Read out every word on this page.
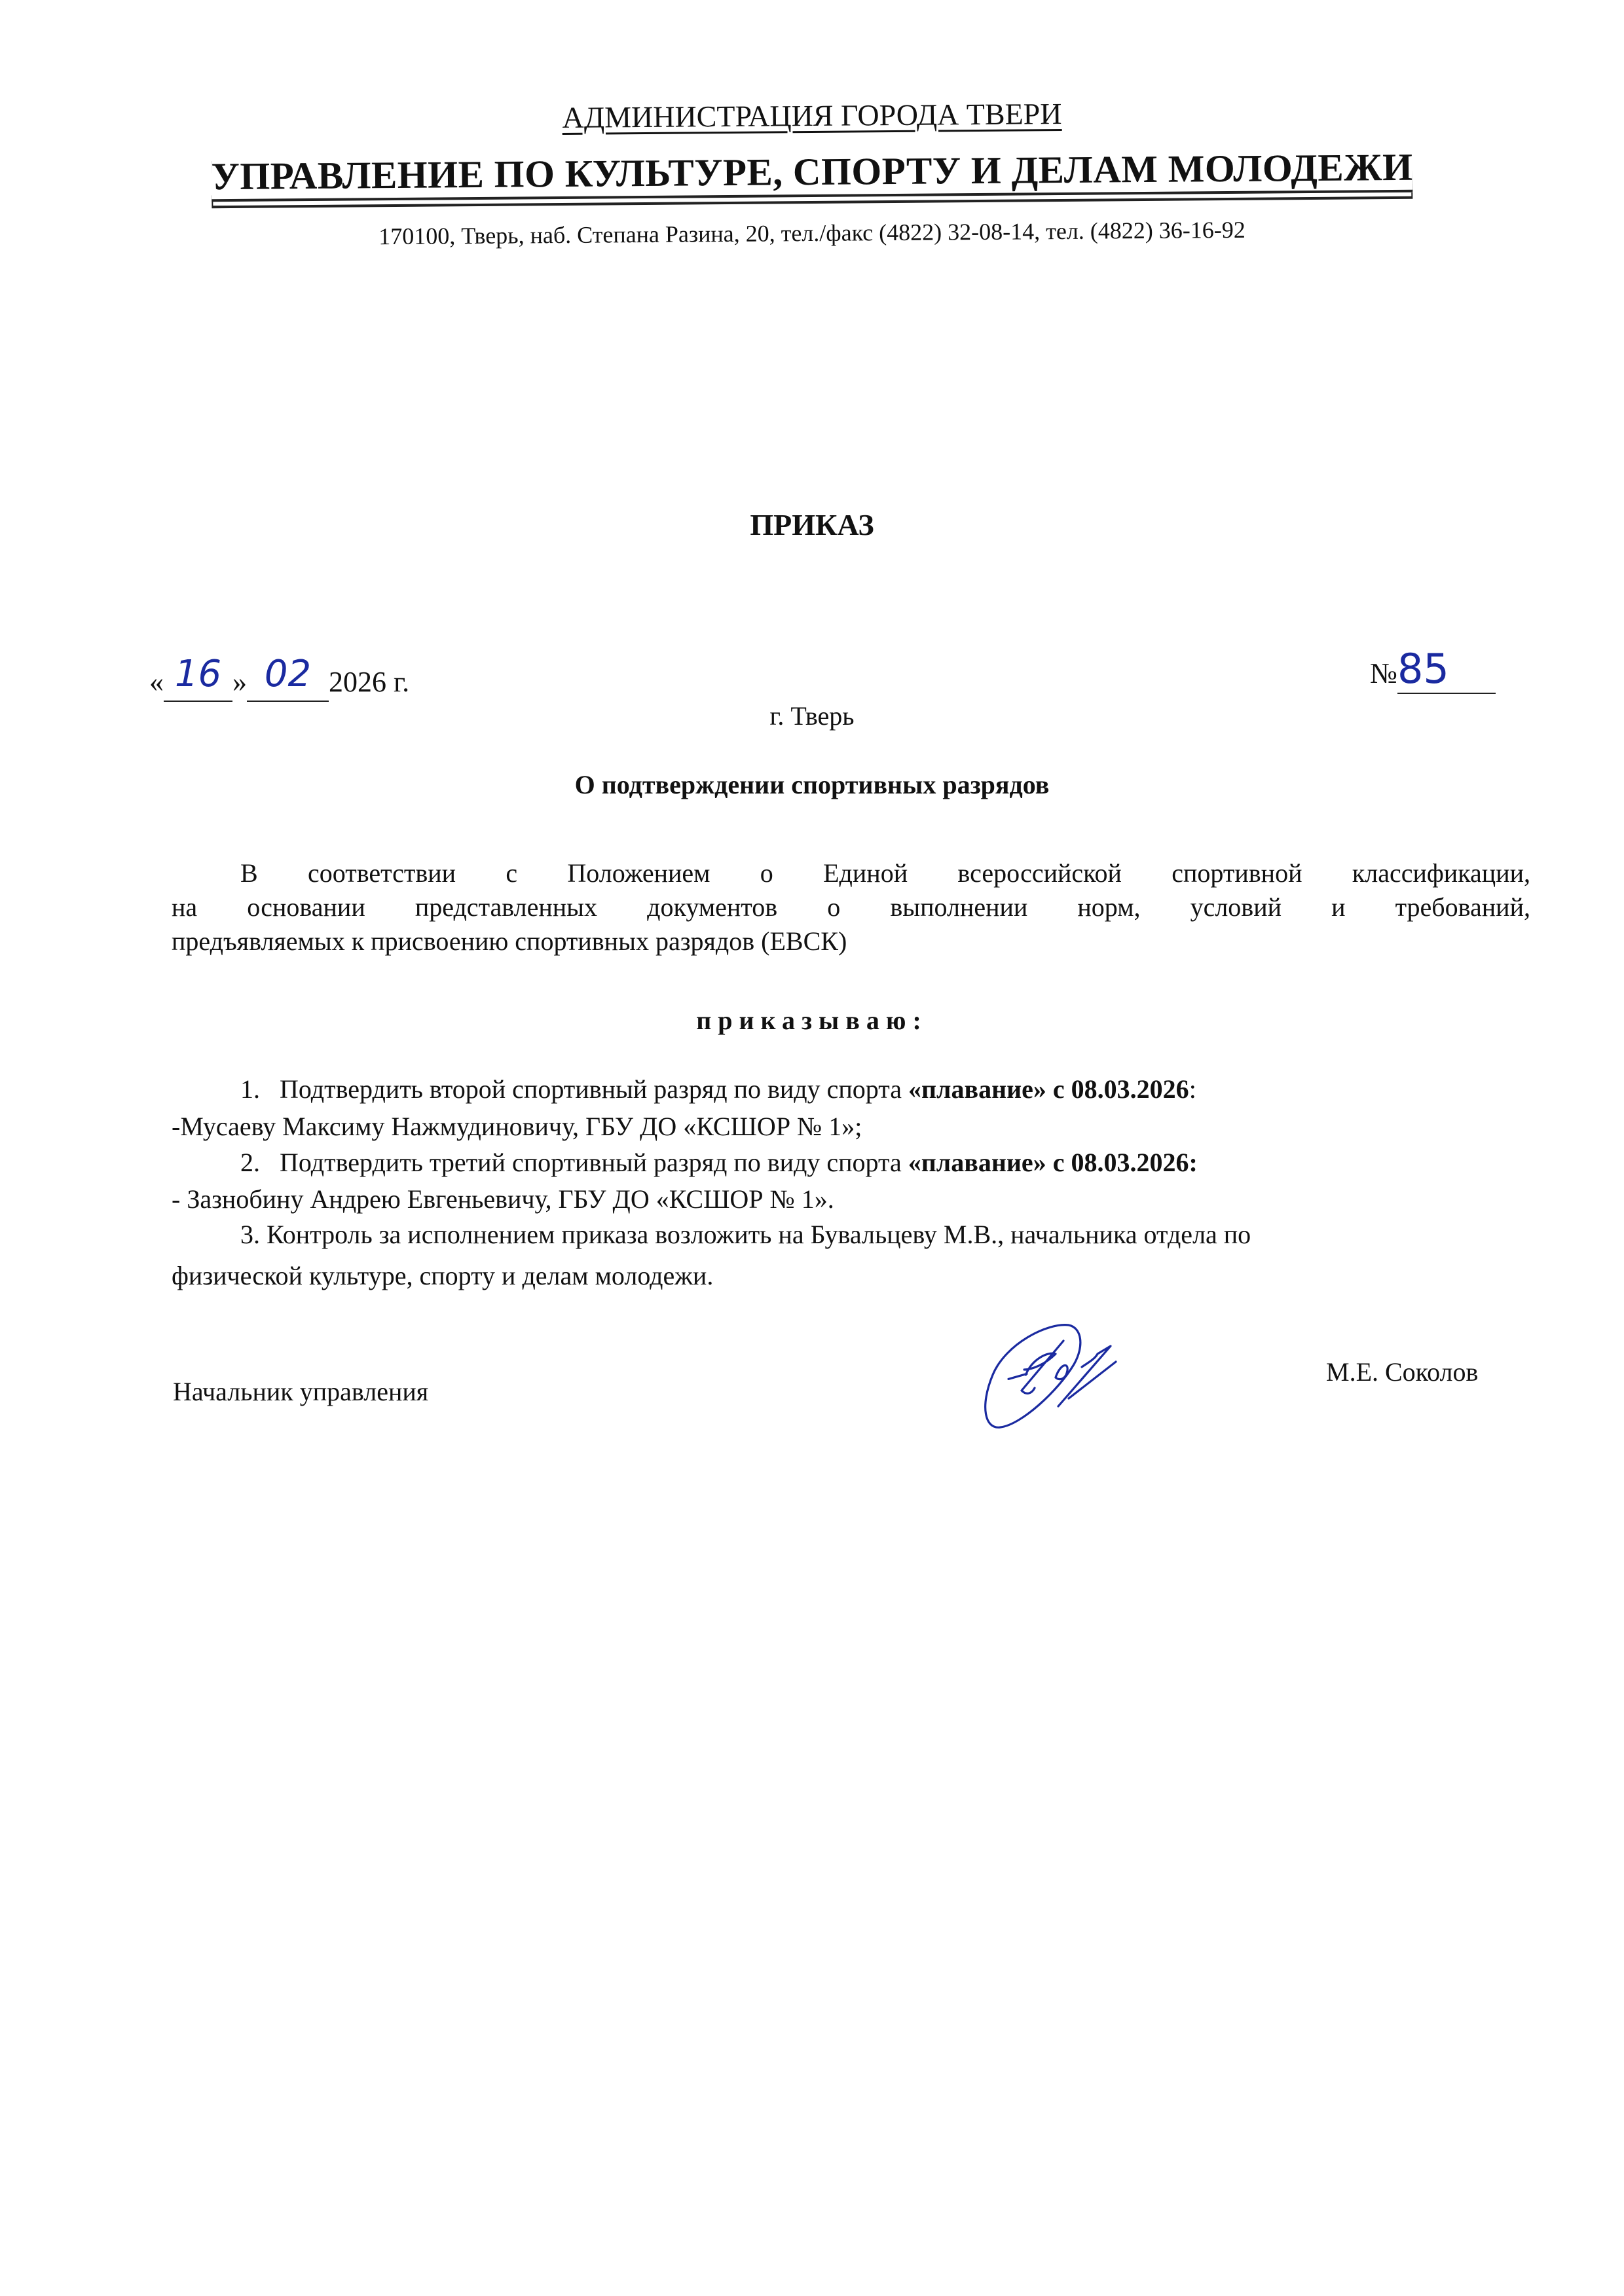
АДМИНИСТРАЦИЯ ГОРОДА ТВЕРИ
УПРАВЛЕНИЕ ПО КУЛЬТУРЕ, СПОРТУ И ДЕЛАМ МОЛОДЕЖИ
170100, Тверь, наб. Степана Разина, 20, тел./факс (4822) 32-08-14, тел. (4822) 36-16-92
ПРИКАЗ
« 16 » 02 2026 г.	№85
г. Тверь
О подтверждении спортивных разрядов
В соответствии с Положением о Единой всероссийской спортивной классификации,
на основании представленных документов о выполнении норм, условий и требований,
предъявляемых к присвоению спортивных разрядов (ЕВСК)
приказываю:
1. Подтвердить второй спортивный разряд по виду спорта «плавание» с 08.03.2026:
-Мусаеву Максиму Нажмудиновичу, ГБУ ДО «КСШОР № 1»;
2. Подтвердить третий спортивный разряд по виду спорта «плавание» с 08.03.2026:
- Зазнобину Андрею Евгеньевичу, ГБУ ДО «КСШОР № 1».
3. Контроль за исполнением приказа возложить на Бувальцеву М.В., начальника отдела по
физической культуре, спорту и делам молодежи.
Начальник управления
М.Е. Соколов
